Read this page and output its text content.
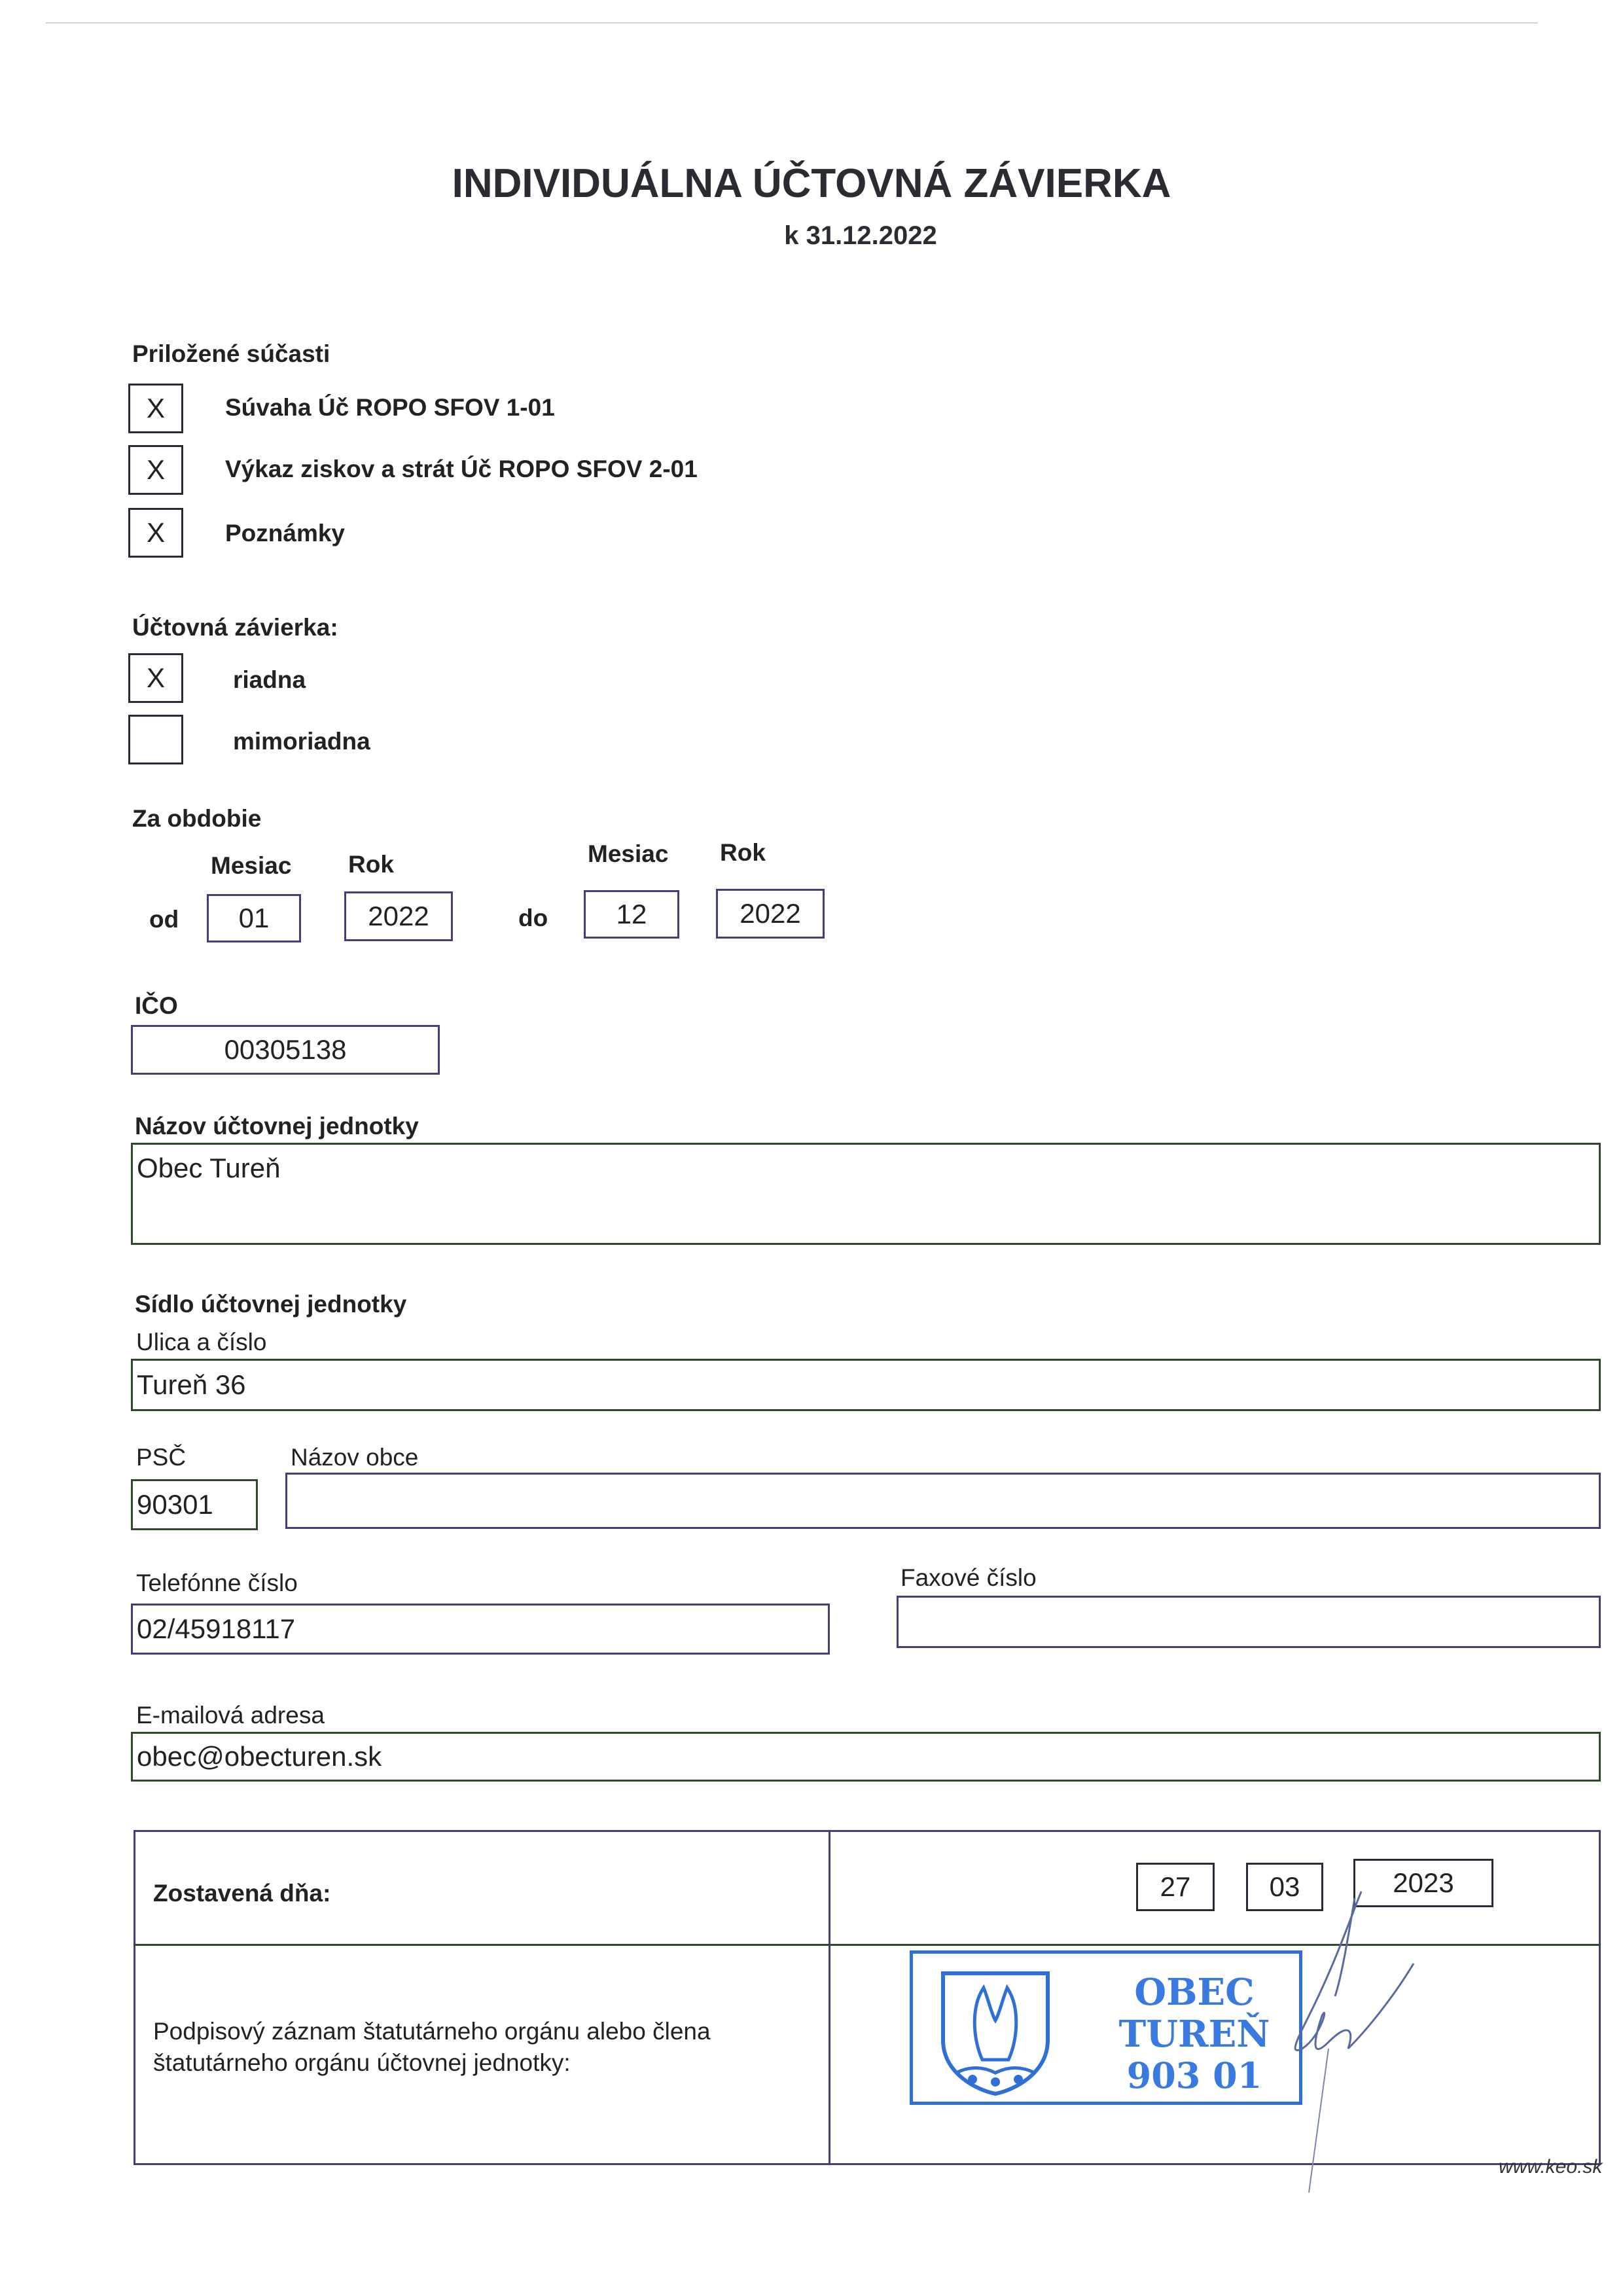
INDIVIDUÁLNA ÚČTOVNÁ ZÁVIERKA
k 31.12.2022
Priložené súčasti
X Súvaha Úč ROPO SFOV 1-01
X Výkaz ziskov a strát Úč ROPO SFOV 2-01
X Poznámky
Účtovná závierka:
X	riadna
mimoriadna
Za obdobie
Mesiac Rok	Mesiac Rok
od 01	2022	do 12	2022
IČO
00305138
Názov účtovnej jednotky
Obec Tureň
Sídlo účtovnej jednotky
Ulica a číslo
Tureň 36
PSČ	Názov obce
90301
Telefónne číslo	Faxové číslo
02/45918117
E-mailová adresa
obec@obecturen.sk
Zostavená dňa:	27	03	2023
Podpisový záznam štatutárneho orgánu alebo člena
štatutárneho orgánu účtovnej jednotky:
OBEC
TUREŇ
903 01
www.keo.sk
